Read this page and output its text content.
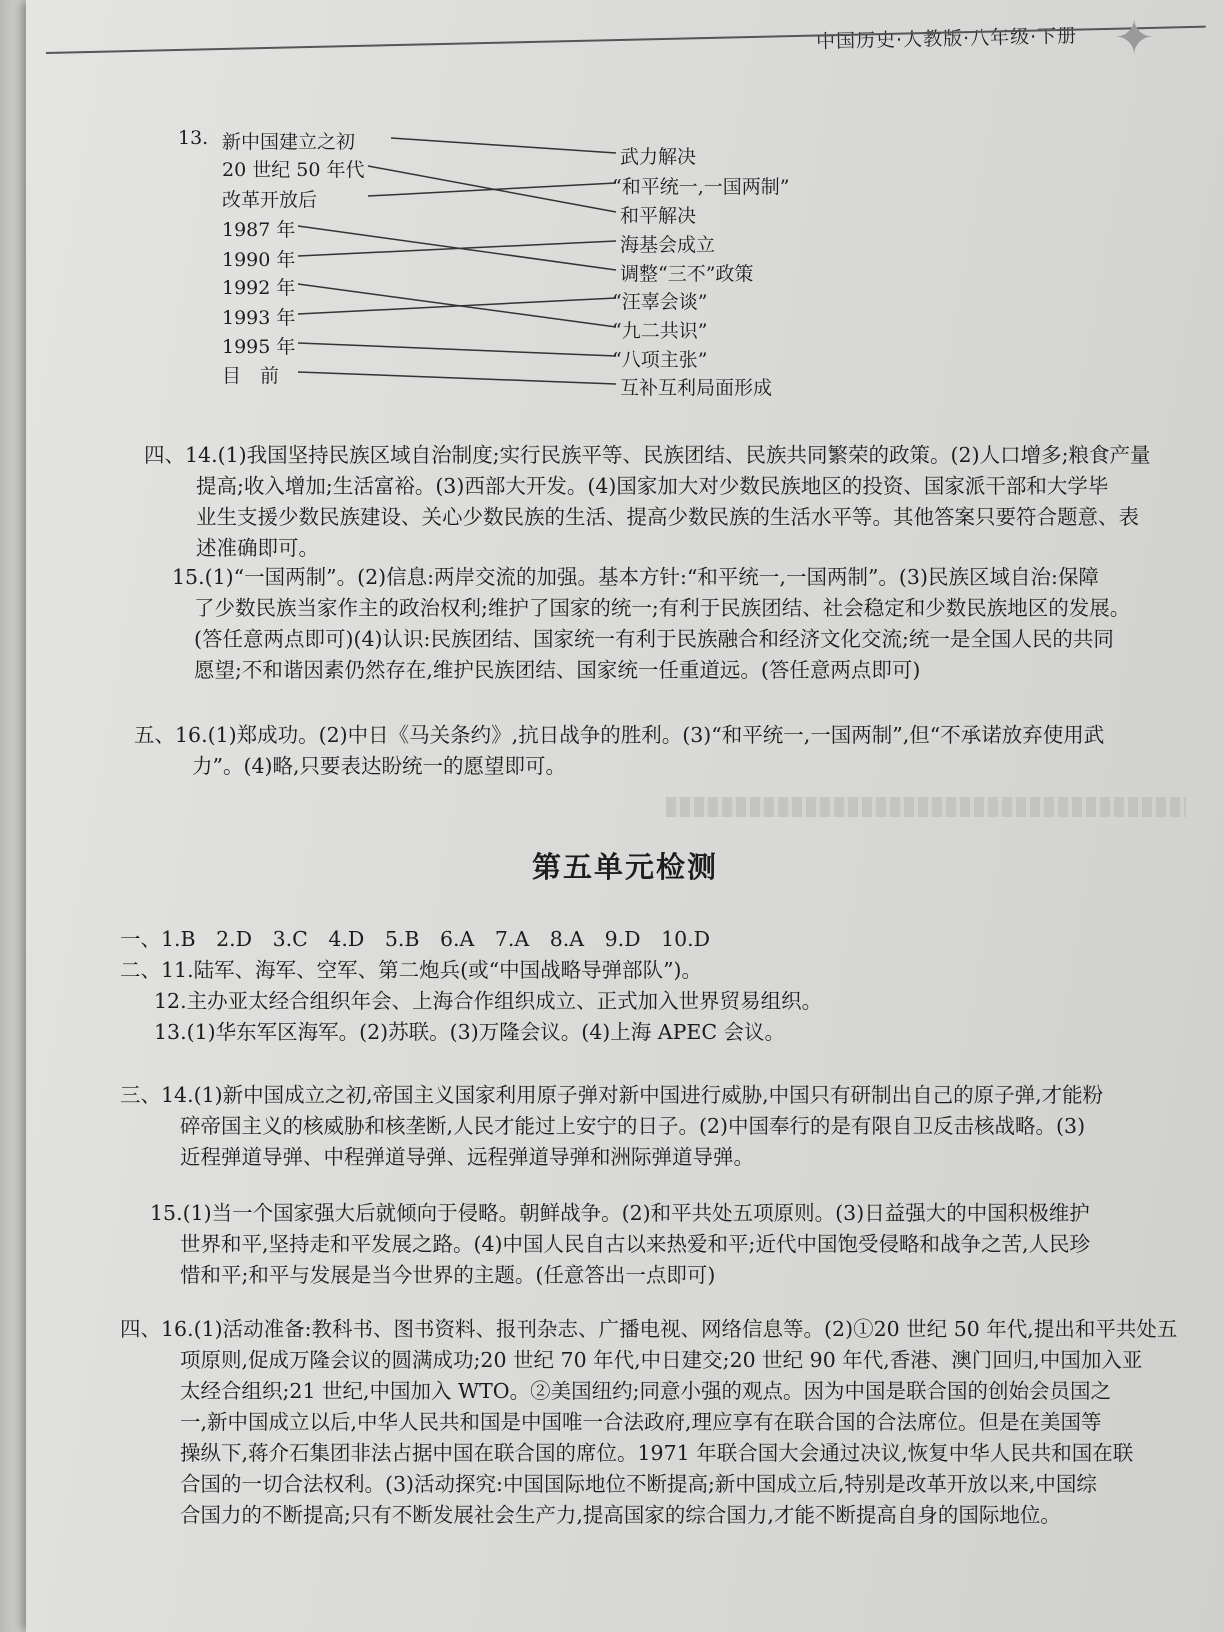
中国历史·人教版·八年级·下册 ✦
13. 新中国建立之初
20 世纪 50 年代
改革开放后
1987 年
1990 年
1992 年
1993 年
1995 年
目　前
武力解决
“和平统一,一国两制”
和平解决
海基会成立
调整“三不”政策
“汪辜会谈”
“九二共识”
“八项主张”
互补互利局面形成
四、14.(1)我国坚持民族区域自治制度;实行民族平等、民族团结、民族共同繁荣的政策。(2)人口增多;粮食产量
提高;收入增加;生活富裕。(3)西部大开发。(4)国家加大对少数民族地区的投资、国家派干部和大学毕
业生支援少数民族建设、关心少数民族的生活、提高少数民族的生活水平等。其他答案只要符合题意、表
述准确即可。
15.(1)“一国两制”。(2)信息:两岸交流的加强。基本方针:“和平统一,一国两制”。(3)民族区域自治:保障
了少数民族当家作主的政治权利;维护了国家的统一;有利于民族团结、社会稳定和少数民族地区的发展。
(答任意两点即可)(4)认识:民族团结、国家统一有利于民族融合和经济文化交流;统一是全国人民的共同
愿望;不和谐因素仍然存在,维护民族团结、国家统一任重道远。(答任意两点即可)
五、16.(1)郑成功。(2)中日《马关条约》,抗日战争的胜利。(3)“和平统一,一国两制”,但“不承诺放弃使用武
力”。(4)略,只要表达盼统一的愿望即可。
第五单元检测
一、1.B　2.D　3.C　4.D　5.B　6.A　7.A　8.A　9.D　10.D
二、11.陆军、海军、空军、第二炮兵(或“中国战略导弹部队”)。
12.主办亚太经合组织年会、上海合作组织成立、正式加入世界贸易组织。
13.(1)华东军区海军。(2)苏联。(3)万隆会议。(4)上海 APEC 会议。
三、14.(1)新中国成立之初,帝国主义国家利用原子弹对新中国进行威胁,中国只有研制出自己的原子弹,才能粉
碎帝国主义的核威胁和核垄断,人民才能过上安宁的日子。(2)中国奉行的是有限自卫反击核战略。(3)
近程弹道导弹、中程弹道导弹、远程弹道导弹和洲际弹道导弹。
15.(1)当一个国家强大后就倾向于侵略。朝鲜战争。(2)和平共处五项原则。(3)日益强大的中国积极维护
世界和平,坚持走和平发展之路。(4)中国人民自古以来热爱和平;近代中国饱受侵略和战争之苦,人民珍
惜和平;和平与发展是当今世界的主题。(任意答出一点即可)
四、16.(1)活动准备:教科书、图书资料、报刊杂志、广播电视、网络信息等。(2)①20 世纪 50 年代,提出和平共处五
项原则,促成万隆会议的圆满成功;20 世纪 70 年代,中日建交;20 世纪 90 年代,香港、澳门回归,中国加入亚
太经合组织;21 世纪,中国加入 WTO。②美国纽约;同意小强的观点。因为中国是联合国的创始会员国之
一,新中国成立以后,中华人民共和国是中国唯一合法政府,理应享有在联合国的合法席位。但是在美国等
操纵下,蒋介石集团非法占据中国在联合国的席位。1971 年联合国大会通过决议,恢复中华人民共和国在联
合国的一切合法权利。(3)活动探究:中国国际地位不断提高;新中国成立后,特别是改革开放以来,中国综
合国力的不断提高;只有不断发展社会生产力,提高国家的综合国力,才能不断提高自身的国际地位。
